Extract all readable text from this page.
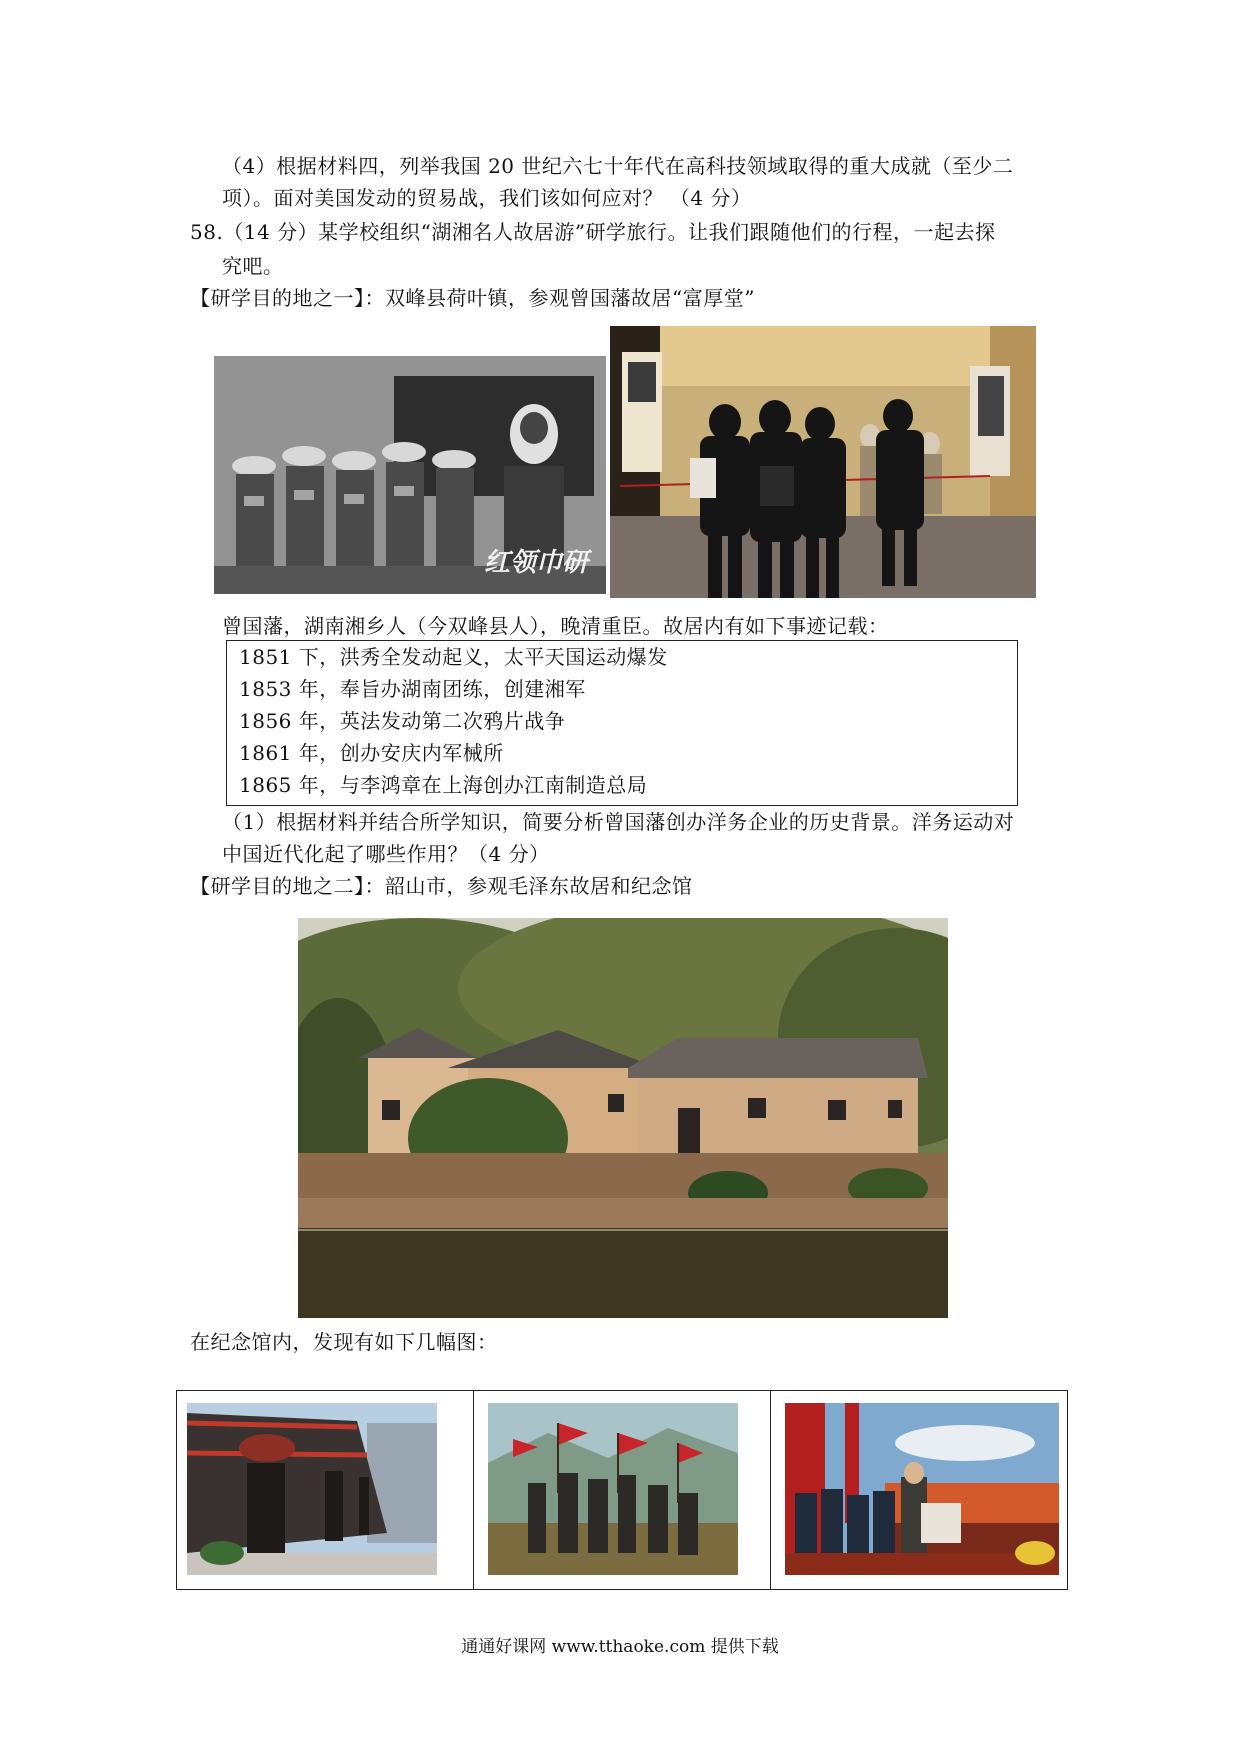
（4）根据材料四，列举我国 20 世纪六七十年代在高科技领域取得的重大成就（至少二
项）。面对美国发动的贸易战，我们该如何应对？ （4 分）
58.（14 分）某学校组织“湖湘名人故居游”研学旅行。让我们跟随他们的行程，一起去探
究吧。
【研学目的地之一】：双峰县荷叶镇，参观曾国藩故居“富厚堂”
红领巾研
曾国藩，湖南湘乡人（今双峰县人），晚清重臣。故居内有如下事迹记载：
1851 下，洪秀全发动起义，太平天国运动爆发
1853 年，奉旨办湖南团练，创建湘军
1856 年，英法发动第二次鸦片战争
1861 年，创办安庆内军械所
1865 年，与李鸿章在上海创办江南制造总局
（1）根据材料并结合所学知识，简要分析曾国藩创办洋务企业的历史背景。洋务运动对
中国近代化起了哪些作用？（4 分）
【研学目的地之二】：韶山市，参观毛泽东故居和纪念馆
在纪念馆内，发现有如下几幅图：
通通好课网 www.tthaoke.com 提供下载
